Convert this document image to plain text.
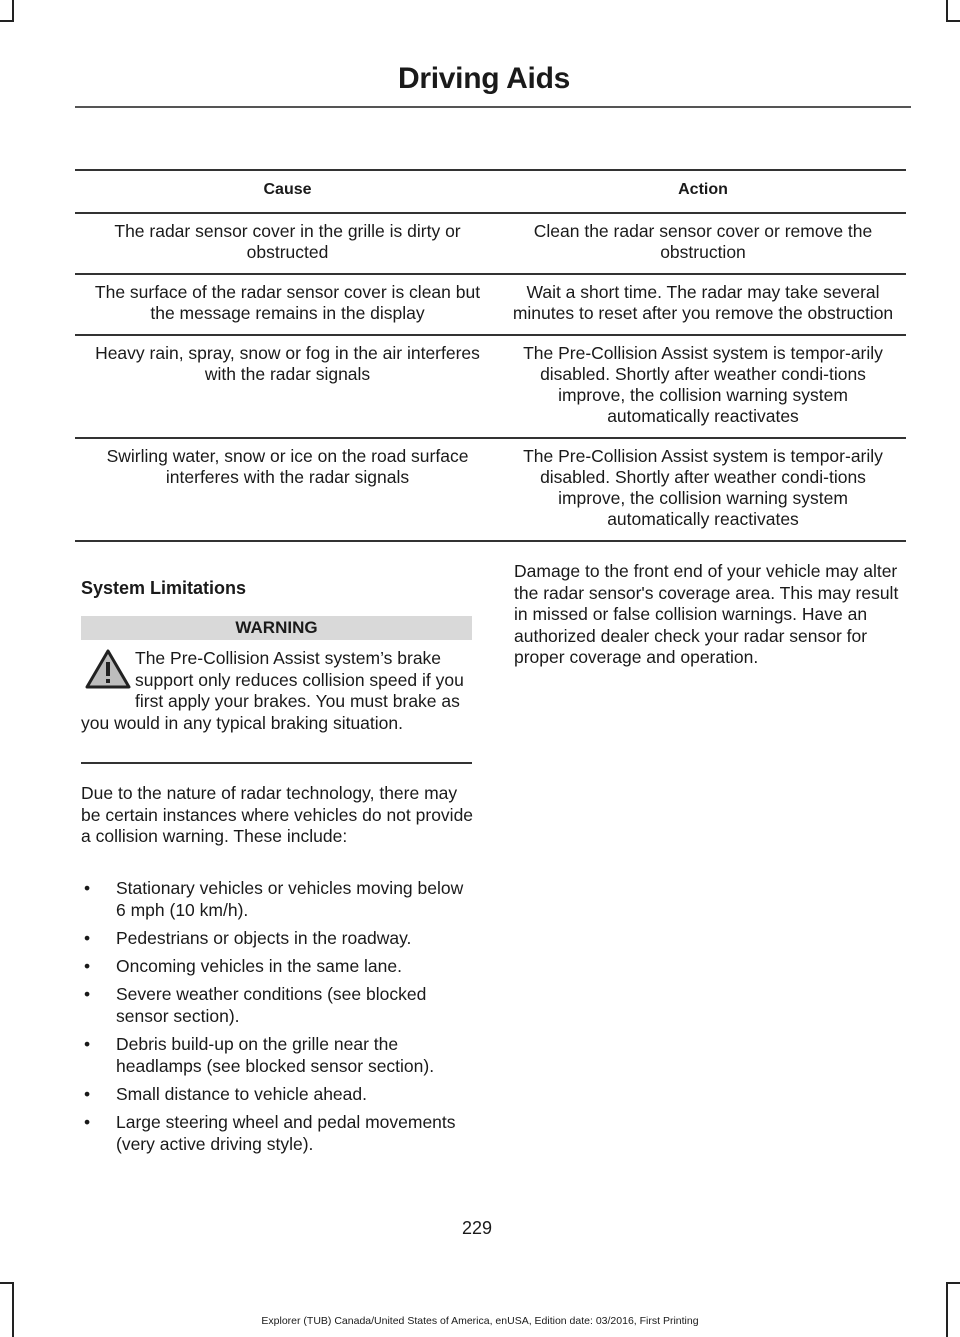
Driving Aids
Cause	Action
The radar sensor cover in the grille is dirty or obstructed	Clean the radar sensor cover or remove the obstruction
The surface of the radar sensor cover is clean but the message remains in the display	Wait a short time. The radar may take several minutes to reset after you remove the obstruction
Heavy rain, spray, snow or fog in the air interferes with the radar signals	The Pre-Collision Assist system is tempor-arily disabled. Shortly after weather condi-tions improve, the collision warning system automatically reactivates
Swirling water, snow or ice on the road surface interferes with the radar signals	The Pre-Collision Assist system is tempor-arily disabled. Shortly after weather condi-tions improve, the collision warning system automatically reactivates
System Limitations
WARNING
The Pre-Collision Assist system’s brake support only reduces collision speed if you first apply your brakes. You must brake as you would in any typical braking situation.

Due to the nature of radar technology, there may be certain instances where vehicles do not provide a collision warning. These include:

• Stationary vehicles or vehicles moving below 6 mph (10 km/h).
• Pedestrians or objects in the roadway.
• Oncoming vehicles in the same lane.
• Severe weather conditions (see blocked sensor section).
• Debris build-up on the grille near the headlamps (see blocked sensor section).
• Small distance to vehicle ahead.
• Large steering wheel and pedal movements (very active driving style).

Damage to the front end of your vehicle may alter the radar sensor's coverage area. This may result in missed or false collision warnings. Have an authorized dealer check your radar sensor for proper coverage and operation.

229
Explorer (TUB) Canada/United States of America, enUSA, Edition date: 03/2016, First Printing
